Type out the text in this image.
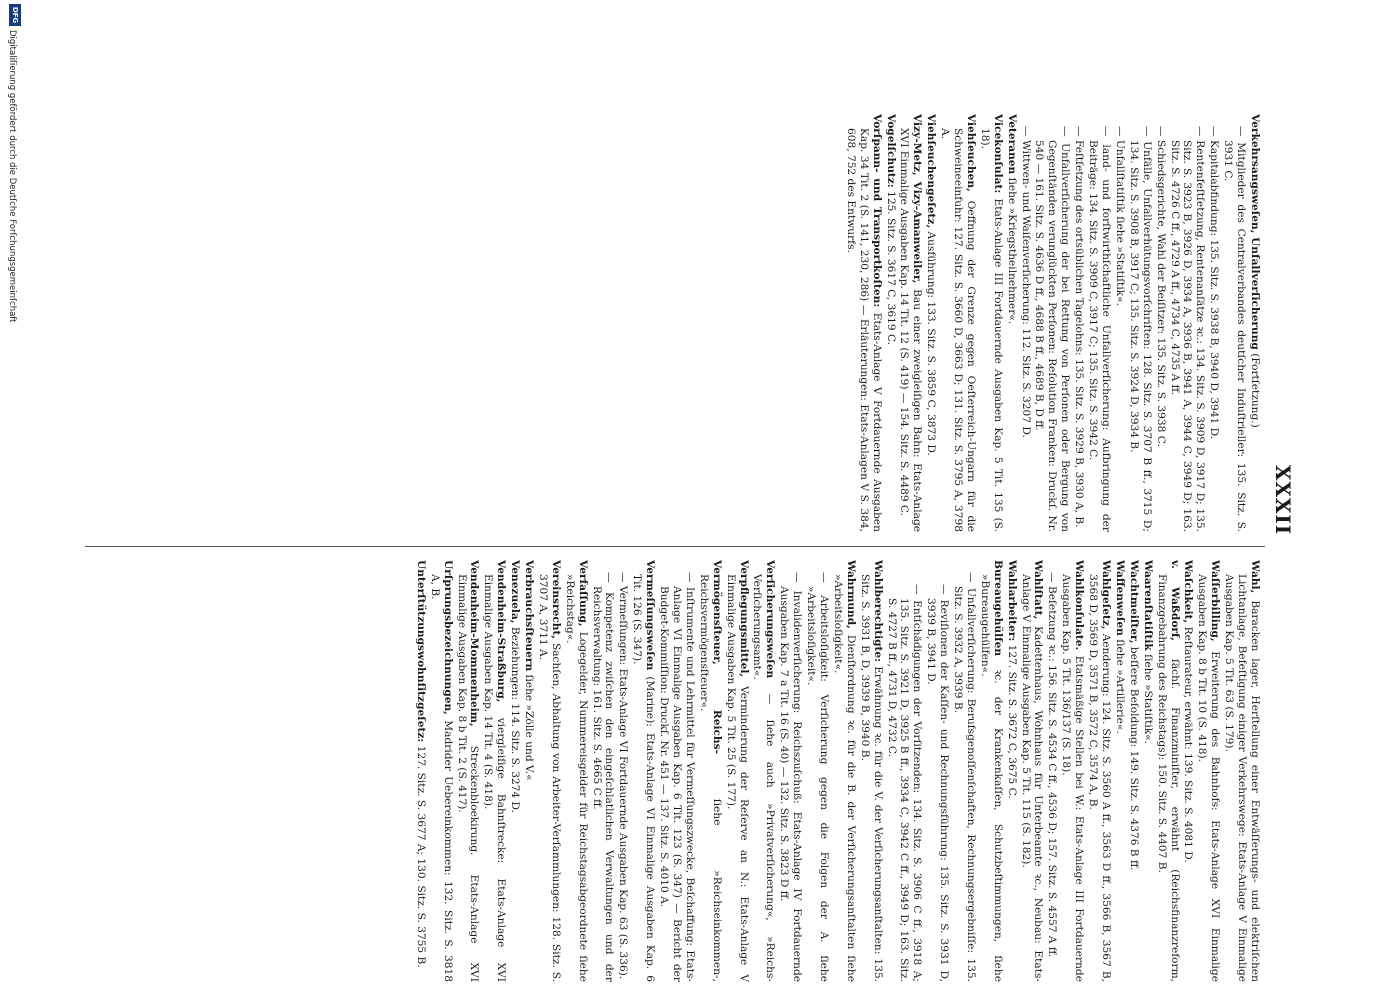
XXXII
Verkehrsangsweſen, Unfallverſicherung (Fortſetzung.)
— Mitglieder des Centralverbandes deutſcher Induſtrieller: 135. Sitz. S. 3931 C.
— Kapitalabfindung: 135. Sitz. S. 3938 B, 3940 D, 3941 D.
— Rentenfeſtſetzung, Rentenanſätze ꝛc.: 134. Sitz. S. 3909 D, 3917 D; 135. Sitz. S. 3923 B, 3926 D, 3934 A, 3936 B, 3941 A, 3944 C, 3949 D; 163. Sitz. S. 4726 C ff., 4729 A ff., 4734 C, 4735 A ff.
— Schiedsgerichte, Wahl der Beiſitzer: 135. Sitz. S. 3938 C.
— Unfälle, Unfallverhütungsvorſchriften: 128. Sitz. S. 3707 B ff., 3715 D; 134. Sitz. S. 3908 B, 3917 C; 135. Sitz. S. 3924 D, 3934 B.
— Unfallſtatiſtik ſiehe »Statiſtik«.
— land- und forſtwirthſchaftliche Unfallverſicherung: Aufbringung der Beiträge: 134. Sitz. S. 3909 C, 3917 C; 135. Sitz. S. 3942 C.
— Feſtſetzung des ortsüblichen Tagelohns: 135. Sitz. S. 3929 B, 3930 A, B.
— Unfallverſicherung der bei Rettung von Perſonen oder Bergung von Gegenſtänden verunglückten Perſonen: Reſolution Franken: Druckſ. Nr. 540 — 161. Sitz. S. 4636 D ff., 4688 B ff., 4689 B, D ff.
— Wittwen- und Waiſenverſicherung: 112. Sitz. S. 3207 D.
Veteranen ſiehe »Kriegstheilnehmer«.
Vicekonſulat: Etats-Anlage III Fortdauernde Ausgaben Kap. 5 Tit. 135 (S. 18).
Viehſeuchen, Oeffnung der Grenze gegen Oeſterreich-Ungarn für die Schweineeinfuhr: 127. Sitz. S. 3660 D, 3663 D; 131. Sitz. S. 3795 A, 3798 A.
Viehſeuchengeſetz, Ausführung: 133. Sitz. S. 3859 C, 3873 D.
Vizy-Metz, Vizy-Amanweiler, Bau einer zweigleiſigen Bahn: Etats-Anlage XVI Einmalige Ausgaben Kap. 14 Tit. 12 (S. 419) — 154. Sitz. S. 4489 C.
Vogelſchutz: 125. Sitz. S. 3617 C, 3619 C.
Vorſpann- und Transportkoſten: Etats-Anlage V Fortdauernde Ausgaben Kap. 34 Tit. 2 (S. 141, 230, 286) — Erläuterungen: Etats-Anlagen V S. 384, 608, 752 des Entwurfs.
Wahl, Baracken lager, Herſtellung einer Entwäſſerungs- und elektriſchen Lichtanlage, Befeſtigung einiger Verkehrswege: Etats-Anlage V Einmalige Ausgaben Kap. 5 Tit. 63 (S. 179).
Waſſerbilling, Erweiterung des Bahnhofs: Etats-Anlage XVI Einmalige Ausgaben Kap. 8 b Tit. 10 (S. 418).
Waſchkeit, Reſtaurateur, erwähnt: 139. Sitz. S. 4081 D.
v. Waßdorf, ſächſ. Finanzminiſter, erwähnt (Reichsfinanzreform, Finanzgebahrung des Reichstags): 150. Sitz. S. 4407 B.
Waarenſtatiſtik ſiehe »Statiſtik«.
Wachtmeiſter, beſſere Beſoldung: 149. Sitz. S. 4376 B ff.
Waffenweſen ſiehe »Artillerie«.
Wahlgeſetz, Aenderung: 124. Sitz. S. 3560 A ff., 3563 D ff., 3566 B, 3567 B, 3568 D, 3569 D, 3571 B, 3572 C, 3574 A, B.
Wahlkonſulate. Etatsmäßige Stellen bei W.: Etats-Anlage III Fortdauernde Ausgaben Kap. 5 Tit. 136/137 (S. 18).
— Beſetzung ꝛc.: 156. Sitz. S. 4534 C ff., 4536 D; 157. Sitz. S. 4557 A ff.
Wahlſtatt, Kadettenhaus, Wohnhaus für Unterbeamte ꝛc., Neubau: Etats-Anlage V Einmalige Ausgaben Kap. 5 Tit. 115 (S. 182).
Wahlarbeiter: 127. Sitz. S. 3672 C, 3675 C.
Bureaugehülfen ꝛc. der Krankenkaſſen, Schutzbeſtimmungen, ſiehe »Bureaugehülfen«.
— Unfallverſicherung: Berufsgenoſſenſchaften, Rechnungsergebniſſe: 135. Sitz. S. 3932 A, 3939 B.
— Reviſionen der Kaſſen- und Rechnungsführung: 135. Sitz. S. 3931 D, 3939 B, 3941 D.
— Entſchädigungen der Vorſitzenden: 134. Sitz. S. 3906 C ff., 3918 A; 135. Sitz. S. 3921 D, 3925 B ff., 3934 C, 3942 C ff., 3949 D; 163. Sitz. S. 4727 B ff., 4731 D, 4732 C.
Wahlberechtigte: Erwähnung ꝛc. für die V. der Verſicherungsanſtalten: 135. Sitz. S. 3931 B, D, 3939 B, 3940 B.
Wahrmund, Dienſtordnung ꝛc. für die B. der Verſicherungsanſtalten ſiehe »Arbeitsloſigkeit«.
— Arbeitsloſigkeit: Verſicherung gegen die Folgen der A. ſiehe »Arbeitsloſigkeit«.
— Invalidenverſicherung: Reichszuſchuß: Etats-Anlage IV Fortdauernde Ausgaben Kap. 7 a Tit. 16 (S. 40) — 132. Sitz. S. 3823 D ff.
Verſicherungsweſen — ſiehe auch »Privatverſicherung«, »Reichs-Verſicherungsamt«.
Verpflegungsmittel, Verminderung der Reſerve an N.: Etats-Anlage V Einmalige Ausgaben Kap. 5 Tit. 25 (S. 177).
Vermögensſteuer, Reichs- ſiehe »Reichseinkommen-, Reichsvermögensſteuer«.
— Inſtrumente und Lehrmittel für Vermeſſungszwecke, Beſchaffung: Etats-Anlage VI Einmalige Ausgaben Kap. 6 Tit. 123 (S. 347) — Bericht der Budget-Kommiſſion: Druckſ. Nr. 451 — 137. Sitz. S. 4010 A.
Vermeſſungsweſen (Marine): Etats-Anlage VI Einmalige Ausgaben Kap. 6 Tit. 126 (S. 347).
— Vermeſſungen: Etats-Anlage VI Fortdauernde Ausgaben Kap. 63 (S. 336).
— Kompetenz zwiſchen den eingeſchlatlichen Verwaltungen und der Reichsverwaltung: 161. Sitz. S. 4665 C ff.
Verfaſſung, Logegelder, Nummereisgelder für Reichstagsabgeordnete ſiehe »Reichstag«.
Vereinsrecht, Sachſen, Abhaltung von Arbeiter-Verſammlungen: 128. Sitz. S. 3707 A, 3711 A.
Verbrauchsſteuern ſiehe »Zölle und V.«
Venezuela, Beziehungen: 114. Sitz. S. 3274 D.
Vendenheim-Straßburg, viergleiſige Bahnſtrecke: Etats-Anlage XVI Einmalige Ausgaben Kap. 14 Tit. 4 (S. 418).
Vendenheim-Mommenheim, Streckenbloekirung. Etats-Anlage XVI Einmalige Ausgaben Kap. 8 b Tit. 2 (S. 417).
Urſprungsbezeichnungen, Madrider Uebereinkommen: 132. Sitz. S. 3818 A, B.
Unterſtützungswohnſitzgeſetz: 127. Sitz. S. 3677 A; 130. Sitz. S. 3755 B.
DFG
Digitaliſierung gefördert durch die Deutſche Forſchungsgemeinſchaft
